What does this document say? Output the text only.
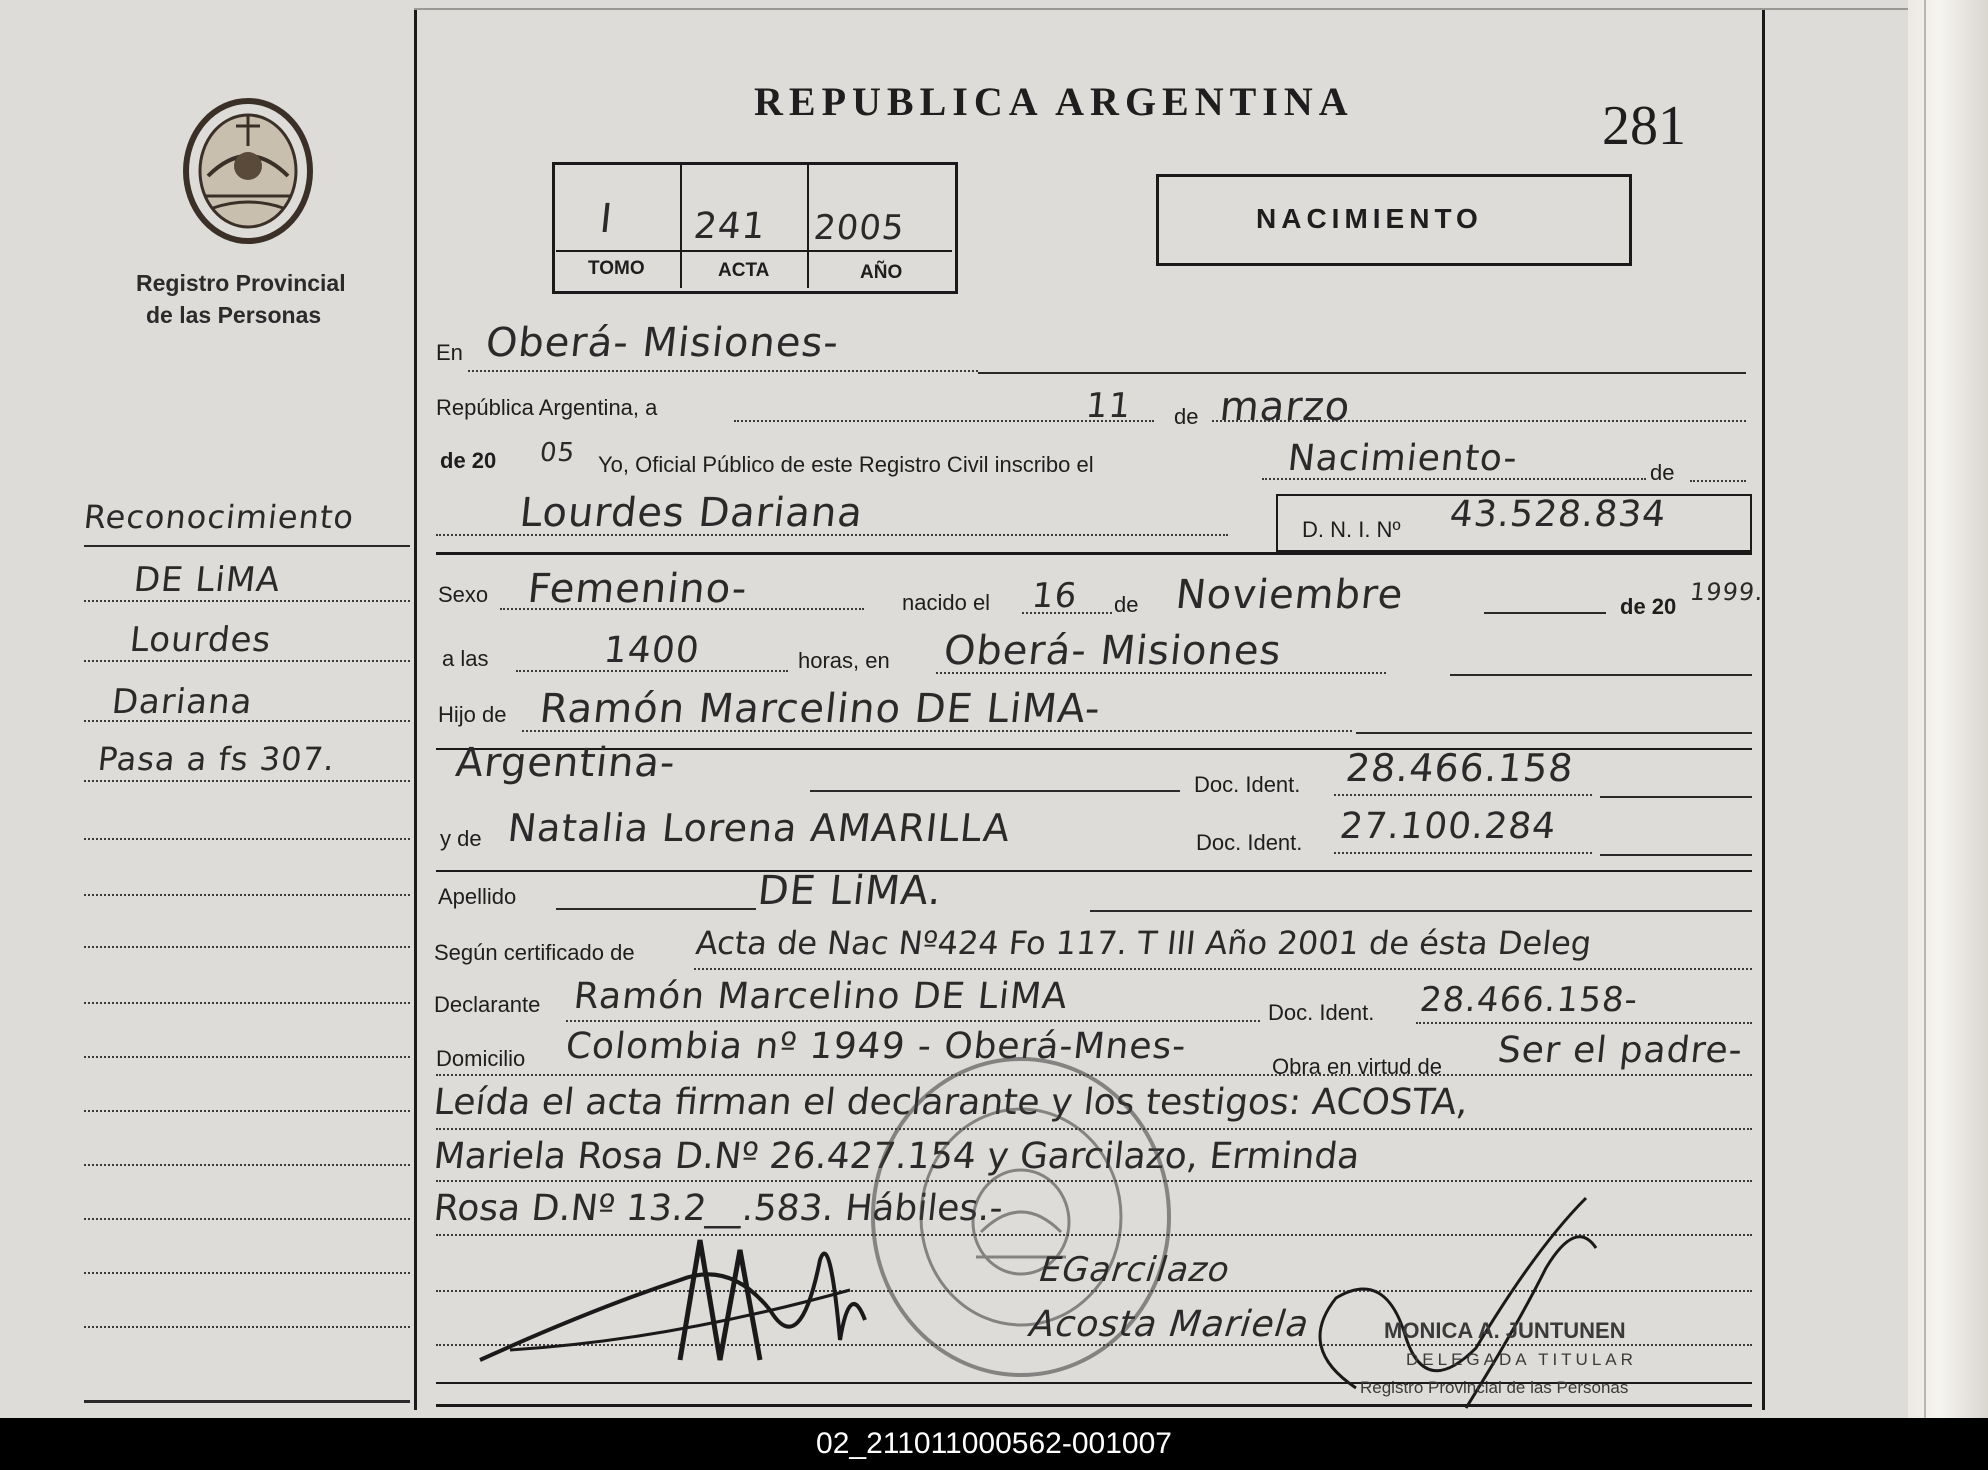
Registro Provincial
de las Personas
REPUBLICA ARGENTINA	281
I 241 2005
TOMO	ACTA	AÑO
NACIMIENTO
Reconocimiento
DE LiMA
Lourdes
Dariana
Pasa a fs 307.
En Oberá- Misiones-
República Argentina, a	de
11 marzo
de 20 05 Yo, Oficial Público de este Registro Civil inscribo el	Nacimiento-	de
Lourdes Dariana	D. N. I. Nº 43.528.834
Sexo Femenino-	nacido el 16 de Noviembre	de 20
1999.
a las	1400	horas, en Oberá- Misiones
Hijo de Ramón Marcelino DE LiMA-
Argentina-	Doc. Ident. 28.466.158
y de Natalia Lorena AMARILLA	Doc. Ident. 27.100.284
Apellido	DE LiMA.
Según certificado de Acta de Nac Nº424 Fo 117. T III Año 2001 de ésta Deleg
Declarante Ramón Marcelino DE LiMA	Doc. Ident. 28.466.158-
Domicilio Colombia nº 1949 - Oberá-Mnes-	Obra en virtud de Ser el padre-
Leída el acta firman el declarante y los testigos: ACOSTA,
Mariela Rosa D.Nº 26.427.154 y Garcilazo, Erminda
Rosa D.Nº 13.2__.583. Hábiles.-
EGarcilazo
Acosta Mariela	MONICA A. JUNTUNEN
DELEGADA TITULAR
Registro Provincial de las Personas
02_211011000562-001007
